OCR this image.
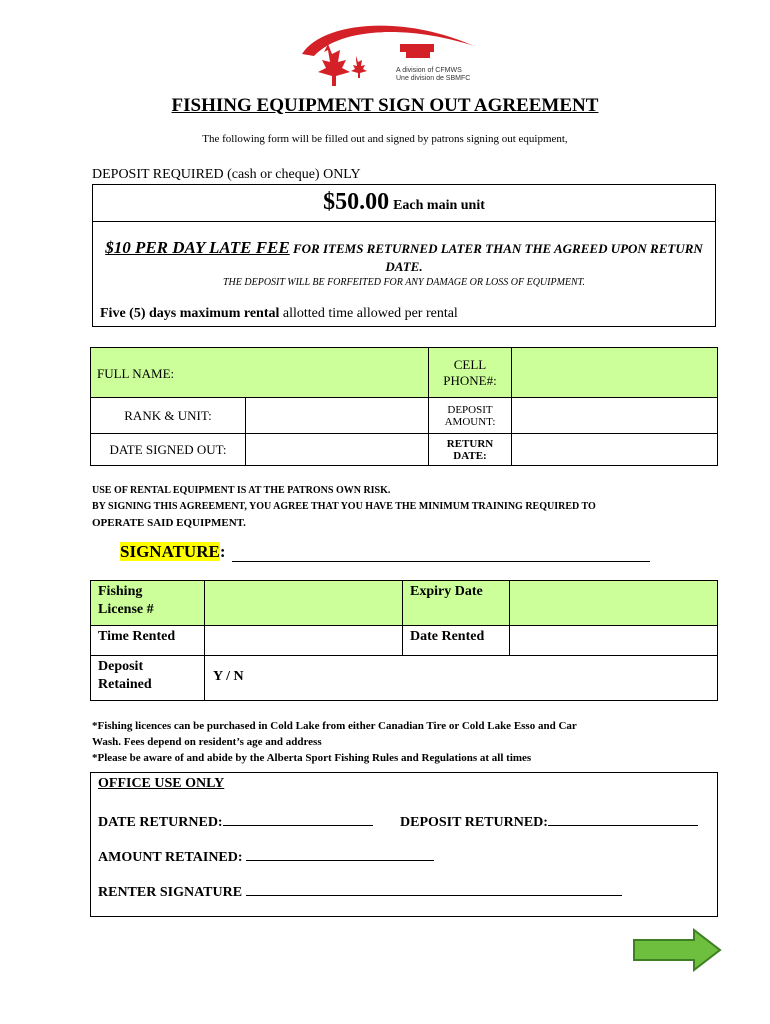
A division of CFMWS
Une division de SBMFC
FISHING EQUIPMENT SIGN OUT AGREEMENT
The following form will be filled out and signed by patrons signing out equipment,
DEPOSIT REQUIRED (cash or cheque) ONLY
$50.00 Each main unit
$10 PER DAY LATE FEE FOR ITEMS RETURNED LATER THAN THE AGREED UPON RETURN DATE.
THE DEPOSIT WILL BE FORFEITED FOR ANY DAMAGE OR LOSS OF EQUIPMENT.
Five (5) days maximum rental allotted time allowed per rental
FULL NAME:		CELL
PHONE#:	
RANK & UNIT:		DEPOSIT
AMOUNT:	
DATE SIGNED OUT:		RETURN
DATE:	
USE OF RENTAL EQUIPMENT IS AT THE PATRONS OWN RISK.
BY SIGNING THIS AGREEMENT, YOU AGREE THAT YOU HAVE THE MINIMUM TRAINING REQUIRED TO
OPERATE SAID EQUIPMENT.
SIGNATURE:
Fishing
License #		Expiry Date	
Time Rented		Date Rented	
Deposit
Retained	Y / N		
*Fishing licences can be purchased in Cold Lake from either Canadian Tire or Cold Lake Esso and Car
Wash. Fees depend on resident’s age and address
*Please be aware of and abide by the Alberta Sport Fishing Rules and Regulations at all times
OFFICE USE ONLY
DATE RETURNED:	DEPOSIT RETURNED:
AMOUNT RETAINED:
RENTER SIGNATURE
